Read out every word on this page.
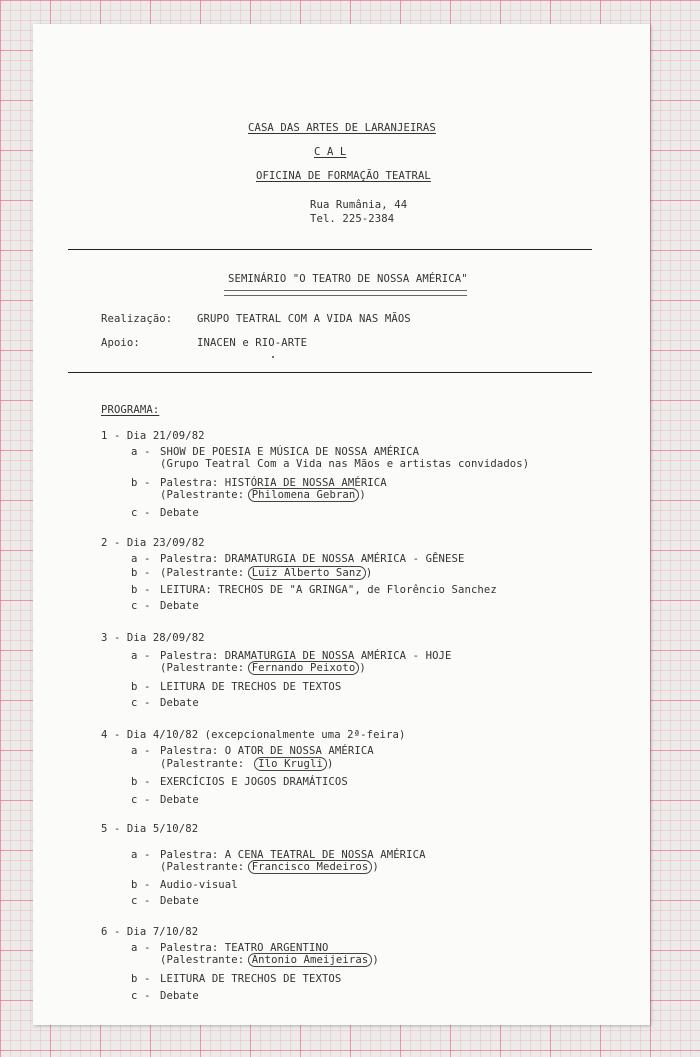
CASA DAS ARTES DE LARANJEIRAS
C A L
OFICINA DE FORMAÇÃO TEATRAL
Rua Rumânia, 44
Tel. 225-2384
SEMINÁRIO "O TEATRO DE NOSSA AMÉRICA"
Realização: GRUPO TEATRAL COM A VIDA NAS MÃOS
Apoio:	INACEN e RIO-ARTE
PROGRAMA:
1 - Dia 21/09/82
a - SHOW DE POESIA E MÚSICA DE NOSSA AMÉRICA
(Grupo Teatral Com a Vida nas Mãos e artistas convidados)
b - Palestra: HISTÓRIA DE NOSSA AMÉRICA
(Palestrante: Philomena Gebran )
c - Debate
2 - Dia 23/09/82
a - Palestra: DRAMATURGIA DE NOSSA AMÉRICA - GÊNESE
b - (Palestrante: Luiz Alberto Sanz )
b - LEITURA: TRECHOS DE "A GRINGA", de Florêncio Sanchez
c - Debate
3 - Dia 28/09/82
a - Palestra: DRAMATURGIA DE NOSSA AMÉRICA - HOJE
(Palestrante: Fernando Peixoto )
b - LEITURA DE TRECHOS DE TEXTOS
c - Debate
4 - Dia 4/10/82 (excepcionalmente uma 2ª-feira)
a - Palestra: O ATOR DE NOSSA AMÉRICA
(Palestrante:  Ilo Krugli )
b - EXERCÍCIOS E JOGOS DRAMÁTICOS
c - Debate
5 - Dia 5/10/82
a - Palestra: A CENA TEATRAL DE NOSSA AMÉRICA
(Palestrante: Francisco Medeiros )
b - Audio-visual
c - Debate
6 - Dia 7/10/82
a - Palestra: TEATRO ARGENTINO
(Palestrante: Antonio Ameijeiras )
b - LEITURA DE TRECHOS DE TEXTOS
c - Debate
